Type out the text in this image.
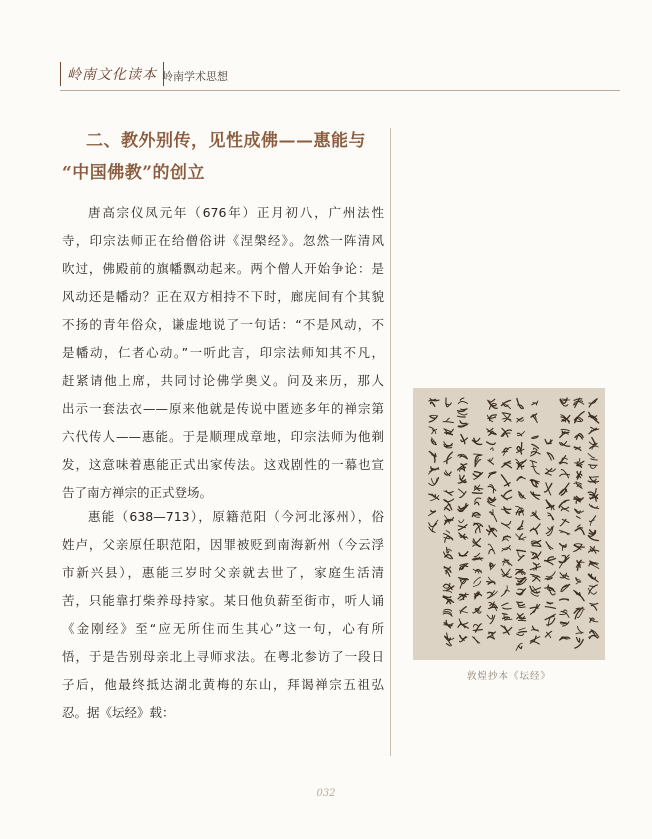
岭南文化读本 岭南学术思想
二、教外别传，见性成佛——惠能与
“中国佛教”的创立
唐高宗仪凤元年（676年）正月初八，广州法性
寺，印宗法师正在给僧俗讲《涅槃经》。忽然一阵清风
吹过，佛殿前的旗幡飘动起来。两个僧人开始争论：是
风动还是幡动？正在双方相持不下时，廊庑间有个其貌
不扬的青年俗众，谦虚地说了一句话：“不是风动，不
是幡动，仁者心动。”一听此言，印宗法师知其不凡，
赶紧请他上席，共同讨论佛学奥义。问及来历，那人
出示一套法衣——原来他就是传说中匿迹多年的禅宗第
六代传人——惠能。于是顺理成章地，印宗法师为他剃
发，这意味着惠能正式出家传法。这戏剧性的一幕也宣
告了南方禅宗的正式登场。
惠能（638—713），原籍范阳（今河北涿州），俗
姓卢，父亲原任职范阳，因罪被贬到南海新州（今云浮
市新兴县），惠能三岁时父亲就去世了，家庭生活清
苦，只能靠打柴养母持家。某日他负薪至街市，听人诵
《金刚经》至“应无所住而生其心”这一句，心有所
悟，于是告别母亲北上寻师求法。在粤北参访了一段日
子后，他最终抵达湖北黄梅的东山，拜谒禅宗五祖弘
忍。据《坛经》载：
敦煌抄本《坛经》
032
